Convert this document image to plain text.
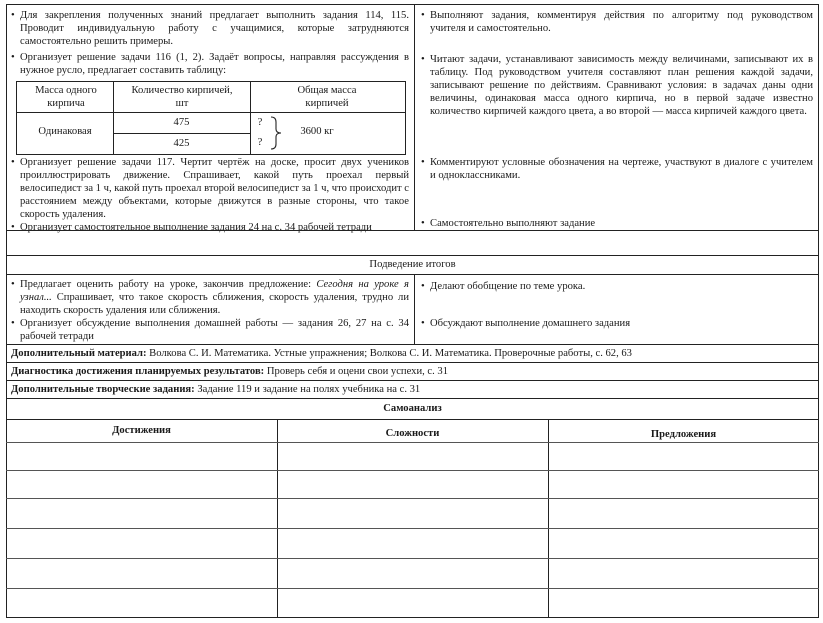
• Для закрепления полученных знаний предлагает выполнить задания 114, 115. Проводит индивидуальную работу с учащимися, которые затрудняются самостоятельно решить примеры.
• Организует решение задачи 116 (1, 2). Задаёт вопросы, направляя рассуждения в нужное русло, предлагает составить таблицу:
Масса одного кирпича
Количество кирпичей, шт
Общая масса кирпичей
Одинаковая
475
425
?
?
3600 кг
• Организует решение задачи 117. Чертит чертёж на доске, просит двух учеников проиллюстрировать движение. Спрашивает, какой путь проехал первый велосипедист за 1 ч, какой путь проехал второй велосипедист за 1 ч, что происходит с расстоянием между объектами, которые движутся в разные стороны, что такое скорость удаления.
• Организует самостоятельное выполнение задания 24 на с. 34 рабочей тетради
• Выполняют задания, комментируя действия по алгоритму под руководством учителя и самостоятельно.
• Читают задачи, устанавливают зависимость между величинами, записывают их в таблицу. Под руководством учителя составляют план решения каждой задачи, записывают решение по действиям. Сравнивают условия: в задачах даны одни величины, одинаковая масса одного кирпича, но в первой задаче известно количество кирпичей каждого цвета, а во второй — масса кирпичей каждого цвета.
• Комментируют условные обозначения на чертеже, участвуют в диалоге с учителем и одноклассниками.
• Самостоятельно выполняют задание
Подведение итогов
• Предлагает оценить работу на уроке, закончив предложение: Сегодня на уроке я узнал... Спрашивает, что такое скорость сближения, скорость удаления, трудно ли находить скорость удаления или сближения.
• Организует обсуждение выполнения домашней работы — задания 26, 27 на с. 34 рабочей тетради
• Делают обобщение по теме урока.
• Обсуждают выполнение домашнего задания
Дополнительный материал: Волкова С. И. Математика. Устные упражнения; Волкова С. И. Математика. Проверочные работы, с. 62, 63
Диагностика достижения планируемых результатов: Проверь себя и оцени свои успехи, с. 31
Дополнительные творческие задания: Задание 119 и задание на полях учебника на с. 31
Самоанализ
Достижения	Сложности	Предложения
